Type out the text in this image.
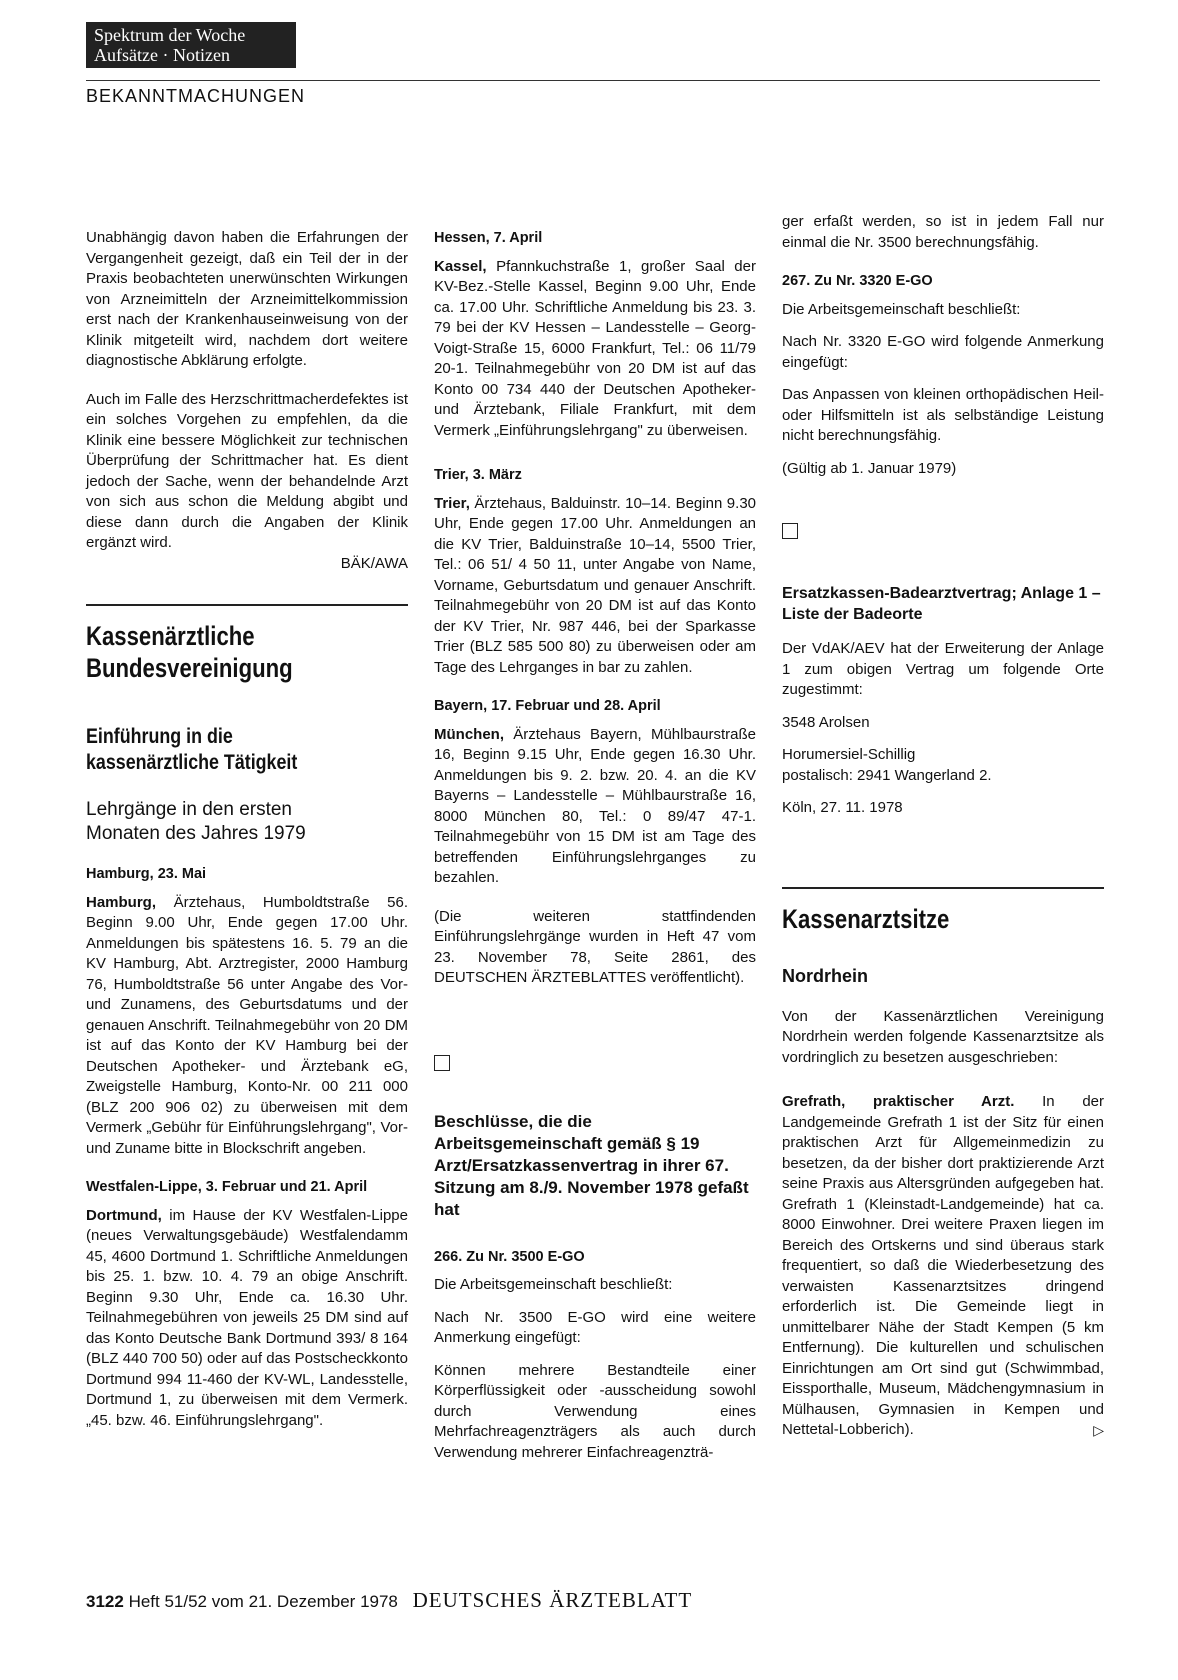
Spektrum der Woche
Aufsätze · Notizen
BEKANNTMACHUNGEN

Unabhängig davon haben die Erfahrungen der Vergangenheit gezeigt, daß ein Teil der in der Praxis beobachteten unerwünschten Wirkungen von Arzneimitteln der Arzneimittelkommission erst nach der Krankenhauseinweisung von der Klinik mitgeteilt wird, nachdem dort weitere diagnostische Abklärung erfolgte.

Auch im Falle des Herzschrittmacherdefektes ist ein solches Vorgehen zu empfehlen, da die Klinik eine bessere Möglichkeit zur technischen Überprüfung der Schrittmacher hat. Es dient jedoch der Sache, wenn der behandelnde Arzt von sich aus schon die Meldung abgibt und diese dann durch die Angaben der Klinik ergänzt wird.

BÄK/AWA
Kassenärztliche
Bundesvereinigung
Einführung in die
kassenärztliche Tätigkeit
Lehrgänge in den ersten
Monaten des Jahres 1979
Hamburg, 23. Mai

Hamburg, Ärztehaus, Humboldtstraße 56. Beginn 9.00 Uhr, Ende gegen 17.00 Uhr. Anmeldungen bis spätestens 16. 5. 79 an die KV Hamburg, Abt. Arztregister, 2000 Hamburg 76, Humboldtstraße 56 unter Angabe des Vor- und Zunamens, des Geburtsdatums und der genauen Anschrift. Teilnahmegebühr von 20 DM ist auf das Konto der KV Hamburg bei der Deutschen Apotheker- und Ärztebank eG, Zweigstelle Hamburg, Konto-Nr. 00 211 000 (BLZ 200 906 02) zu überweisen mit dem Vermerk „Gebühr für Einführungslehrgang", Vor- und Zuname bitte in Blockschrift angeben.

Westfalen-Lippe, 3. Februar und 21. April

Dortmund, im Hause der KV Westfalen-Lippe (neues Verwaltungsgebäude) Westfalendamm 45, 4600 Dortmund 1. Schriftliche Anmeldungen bis 25. 1. bzw. 10. 4. 79 an obige Anschrift. Beginn 9.30 Uhr, Ende ca. 16.30 Uhr. Teilnahmegebühren von jeweils 25 DM sind auf das Konto Deutsche Bank Dortmund 393/ 8 164 (BLZ 440 700 50) oder auf das Postscheckkonto Dortmund 994 11-460 der KV-WL, Landesstelle, Dortmund 1, zu überweisen mit dem Vermerk. „45. bzw. 46. Einführungslehrgang".

Hessen, 7. April

Kassel, Pfannkuchstraße 1, großer Saal der KV-Bez.-Stelle Kassel, Beginn 9.00 Uhr, Ende ca. 17.00 Uhr. Schriftliche Anmeldung bis 23. 3. 79 bei der KV Hessen – Landesstelle – Georg-Voigt-Straße 15, 6000 Frankfurt, Tel.: 06 11/79 20-1. Teilnahmegebühr von 20 DM ist auf das Konto 00 734 440 der Deutschen Apotheker- und Ärztebank, Filiale Frankfurt, mit dem Vermerk „Einführungslehrgang" zu überweisen.

Trier, 3. März

Trier, Ärztehaus, Balduinstr. 10–14. Beginn 9.30 Uhr, Ende gegen 17.00 Uhr. Anmeldungen an die KV Trier, Balduinstraße 10–14, 5500 Trier, Tel.: 06 51/ 4 50 11, unter Angabe von Name, Vorname, Geburtsdatum und genauer Anschrift. Teilnahmegebühr von 20 DM ist auf das Konto der KV Trier, Nr. 987 446, bei der Sparkasse Trier (BLZ 585 500 80) zu überweisen oder am Tage des Lehrganges in bar zu zahlen.

Bayern, 17. Februar und 28. April

München, Ärztehaus Bayern, Mühlbaurstraße 16, Beginn 9.15 Uhr, Ende gegen 16.30 Uhr. Anmeldungen bis 9. 2. bzw. 20. 4. an die KV Bayerns – Landesstelle – Mühlbaurstraße 16, 8000 München 80, Tel.: 0 89/47 47-1. Teilnahmegebühr von 15 DM ist am Tage des betreffenden Einführungslehrganges zu bezahlen.

(Die weiteren stattfindenden Einführungslehrgänge wurden in Heft 47 vom 23. November 78, Seite 2861, des DEUTSCHEN ÄRZTEBLATTES veröffentlicht).

Beschlüsse, die die Arbeitsgemeinschaft gemäß § 19 Arzt/Ersatzkassenvertrag in ihrer 67. Sitzung am 8./9. November 1978 gefaßt hat
266. Zu Nr. 3500 E-GO

Die Arbeitsgemeinschaft beschließt:

Nach Nr. 3500 E-GO wird eine weitere Anmerkung eingefügt:

Können mehrere Bestandteile einer Körperflüssigkeit oder -ausscheidung sowohl durch Verwendung eines Mehrfachreagenzträgers als auch durch Verwendung mehrerer Einfachreagenzträ-

ger erfaßt werden, so ist in jedem Fall nur einmal die Nr. 3500 berechnungsfähig.

267. Zu Nr. 3320 E-GO

Die Arbeitsgemeinschaft beschließt:

Nach Nr. 3320 E-GO wird folgende Anmerkung eingefügt:

Das Anpassen von kleinen orthopädischen Heil- oder Hilfsmitteln ist als selbständige Leistung nicht berechnungsfähig.

(Gültig ab 1. Januar 1979)

Ersatzkassen-Badearztvertrag; Anlage 1 – Liste der Badeorte

Der VdAK/AEV hat der Erweiterung der Anlage 1 zum obigen Vertrag um folgende Orte zugestimmt:

3548 Arolsen

Horumersiel-Schillig

postalisch: 2941 Wangerland 2.

Köln, 27. 11. 1978

Kassenarztsitze
Nordrhein

Von der Kassenärztlichen Vereinigung Nordrhein werden folgende Kassenarztsitze als vordringlich zu besetzen ausgeschrieben:

Grefrath, praktischer Arzt. In der Landgemeinde Grefrath 1 ist der Sitz für einen praktischen Arzt für Allgemeinmedizin zu besetzen, da der bisher dort praktizierende Arzt seine Praxis aus Altersgründen aufgegeben hat. Grefrath 1 (Kleinstadt-Landgemeinde) hat ca. 8000 Einwohner. Drei weitere Praxen liegen im Bereich des Ortskerns und sind überaus stark frequentiert, so daß die Wiederbesetzung des verwaisten Kassenarztsitzes dringend erforderlich ist. Die Gemeinde liegt in unmittelbarer Nähe der Stadt Kempen (5 km Entfernung). Die kulturellen und schulischen Einrichtungen am Ort sind gut (Schwimmbad, Eissporthalle, Museum, Mädchengymnasium in Mülhausen, Gymnasien in Kempen und Nettetal-Lobberich).	▷

3122 Heft 51/52 vom 21. Dezember 1978 DEUTSCHES ÄRZTEBLATT
